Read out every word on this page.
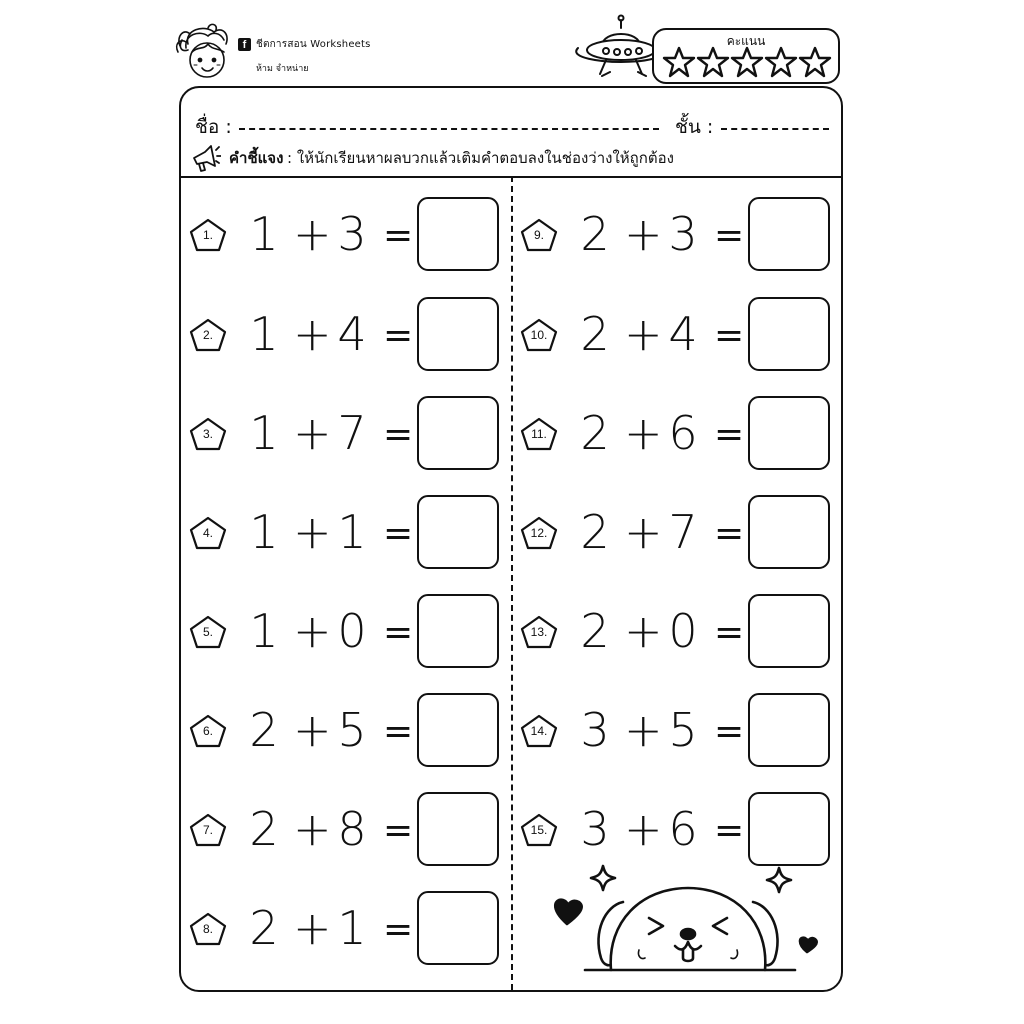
f ชีตการสอน Worksheets
ห้าม จำหน่าย
คะแนน
ชื่อ :	ชั้น :
คำชี้แจง : ให้นักเรียนหาผลบวกแล้วเติมคำตอบลงในช่องว่างให้ถูกต้อง
1. 1 + 3 =
2. 1 + 4 =
3. 1 + 7 =
4. 1 + 1 =
5. 1 + 0 =
6. 2 + 5 =
7. 2 + 8 =
8. 2 + 1 =
9. 2 + 3 =
10. 2 + 4 =
11. 2 + 6 =
12. 2 + 7 =
13. 2 + 0 =
14. 3 + 5 =
15. 3 + 6 =
